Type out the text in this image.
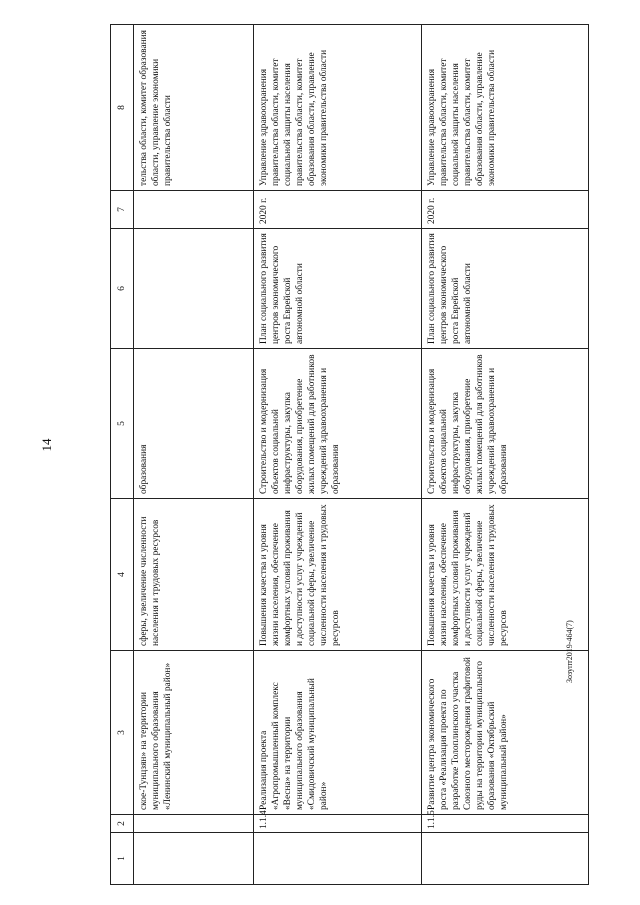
14
1	2	3	4	5	6	7	8
		ское-Тунцзян» на территории муниципального образования «Ленинский муниципальный район»	сферы, увеличение численности населения и трудовых ресурсов	образования			тельства области, комитет образования области, управление экономики правительства области
	1.1.4	Реализация проекта «Агропромышленный комплекс «Весна» на территории муниципального образования «Смидовичский муниципальный район»	Повышения качества и уровня жизни населения, обеспечение комфортных условий проживания и доступности услуг учреждений социальной сферы, увеличение численности населения и трудовых ресурсов	Строительство и модернизация объектов социальной инфраструктуры, закупка оборудования, приобретение жилых помещений для работников учреждений здравоохранения и образования	План социального развития центров экономического роста Еврейской автономной области	2020 г.	Управление здравоохранения правительства области, комитет социальной защиты населения правительства области, комитет образования области, управление экономики правительства области
	1.1.5	Развитие центра экономического роста «Реализация проекта по разработке Толоплинского участка Союзного месторождения графитовой руды на территории муниципального образования «Октябрьский муниципальный район»	Повышения качества и уровня жизни населения, обеспечение комфортных условий проживания и доступности услуг учреждений социальной сферы, увеличение численности населения и трудовых ресурсов	Строительство и модернизация объектов социальной инфраструктуры, закупка оборудования, приобретение жилых помещений для работников учреждений здравоохранения и образования	План социального развития центров экономического роста Еврейской автономной области	2020 г.	Управление здравоохранения правительства области, комитет социальной защиты населения правительства области, комитет образования области, управление экономики правительства области
Зозупт2019-464(7)
